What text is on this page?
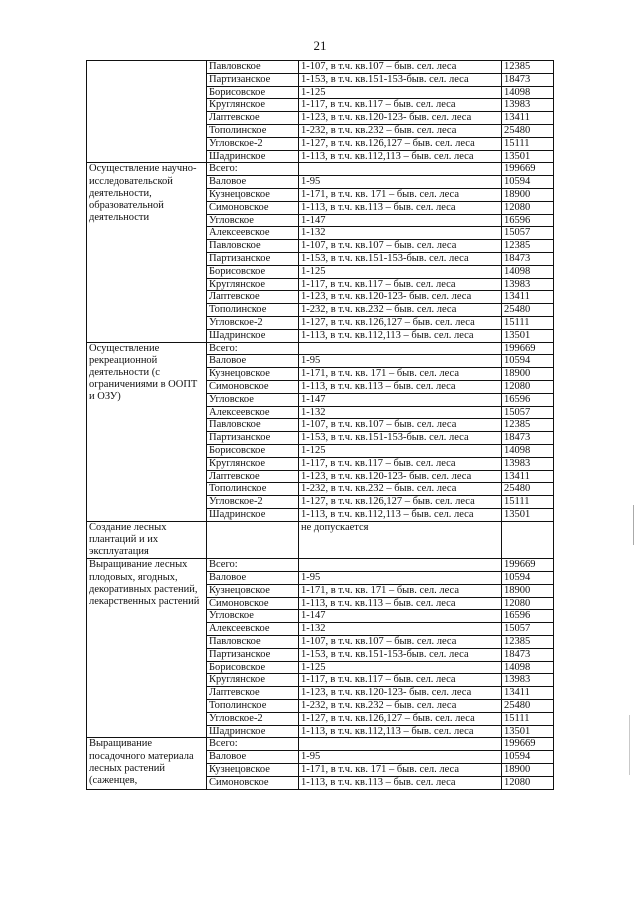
21
	Павловское	1-107, в т.ч. кв.107 – быв. сел. леса	12385
	Партизанское	1-153, в т.ч. кв.151-153-быв. сел. леса	18473
	Борисовское	1-125	14098
	Круглянское	1-117, в т.ч. кв.117 – быв. сел. леса	13983
	Лаптевское	1-123, в т.ч. кв.120-123- быв. сел. леса	13411
	Тополинское	1-232, в т.ч. кв.232 – быв. сел. леса	25480
	Угловское-2	1-127, в т.ч. кв.126,127 – быв. сел. леса	15111
	Шадринское	1-113, в т.ч. кв.112,113 – быв. сел. леса	13501
Осуществление научно-исследовательской деятельности, образовательной деятельности	Всего:		199669
	Валовое	1-95	10594
	Кузнецовское	1-171, в т.ч. кв. 171 – быв. сел. леса	18900
	Симоновское	1-113, в т.ч. кв.113 – быв. сел. леса	12080
	Угловское	1-147	16596
	Алексеевское	1-132	15057
	Павловское	1-107, в т.ч. кв.107 – быв. сел. леса	12385
	Партизанское	1-153, в т.ч. кв.151-153-быв. сел. леса	18473
	Борисовское	1-125	14098
	Круглянское	1-117, в т.ч. кв.117 – быв. сел. леса	13983
	Лаптевское	1-123, в т.ч. кв.120-123- быв. сел. леса	13411
	Тополинское	1-232, в т.ч. кв.232 – быв. сел. леса	25480
	Угловское-2	1-127, в т.ч. кв.126,127 – быв. сел. леса	15111
	Шадринское	1-113, в т.ч. кв.112,113 – быв. сел. леса	13501
Осуществление рекреационной деятельности (с ограничениями в ООПТ и ОЗУ)	Всего:		199669
	Валовое	1-95	10594
	Кузнецовское	1-171, в т.ч. кв. 171 – быв. сел. леса	18900
	Симоновское	1-113, в т.ч. кв.113 – быв. сел. леса	12080
	Угловское	1-147	16596
	Алексеевское	1-132	15057
	Павловское	1-107, в т.ч. кв.107 – быв. сел. леса	12385
	Партизанское	1-153, в т.ч. кв.151-153-быв. сел. леса	18473
	Борисовское	1-125	14098
	Круглянское	1-117, в т.ч. кв.117 – быв. сел. леса	13983
	Лаптевское	1-123, в т.ч. кв.120-123- быв. сел. леса	13411
	Тополинское	1-232, в т.ч. кв.232 – быв. сел. леса	25480
	Угловское-2	1-127, в т.ч. кв.126,127 – быв. сел. леса	15111
	Шадринское	1-113, в т.ч. кв.112,113 – быв. сел. леса	13501
Создание лесных плантаций и их эксплуатация		не допускается	
Выращивание лесных плодовых, ягодных, декоративных растений, лекарственных растений	Всего:		199669
	Валовое	1-95	10594
	Кузнецовское	1-171, в т.ч. кв. 171 – быв. сел. леса	18900
	Симоновское	1-113, в т.ч. кв.113 – быв. сел. леса	12080
	Угловское	1-147	16596
	Алексеевское	1-132	15057
	Павловское	1-107, в т.ч. кв.107 – быв. сел. леса	12385
	Партизанское	1-153, в т.ч. кв.151-153-быв. сел. леса	18473
	Борисовское	1-125	14098
	Круглянское	1-117, в т.ч. кв.117 – быв. сел. леса	13983
	Лаптевское	1-123, в т.ч. кв.120-123- быв. сел. леса	13411
	Тополинское	1-232, в т.ч. кв.232 – быв. сел. леса	25480
	Угловское-2	1-127, в т.ч. кв.126,127 – быв. сел. леса	15111
	Шадринское	1-113, в т.ч. кв.112,113 – быв. сел. леса	13501
Выращивание посадочного материала лесных растений (саженцев,	Всего:		199669
	Валовое	1-95	10594
	Кузнецовское	1-171, в т.ч. кв. 171 – быв. сел. леса	18900
	Симоновское	1-113, в т.ч. кв.113 – быв. сел. леса	12080
